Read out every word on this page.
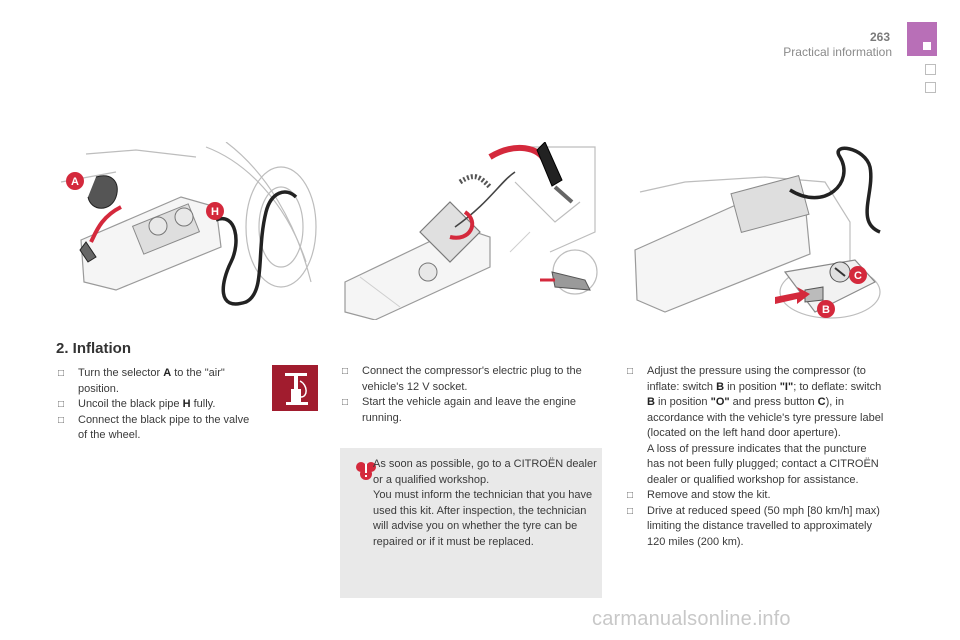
263
Practical information
A
H
C
B
2. Inflation
□ Turn the selector A to the "air" position.
□ Uncoil the black pipe H fully.
□ Connect the black pipe to the valve of the wheel.
□ Connect the compressor's electric plug to the vehicle's 12 V socket.
□ Start the vehicle again and leave the engine running.
As soon as possible, go to a CITROËN dealer or a qualified workshop.
You must inform the technician that you have used this kit. After inspection, the technician will advise you on whether the tyre can be repaired or if it must be replaced.
□ Adjust the pressure using the compressor (to inflate: switch B in position "I"; to deflate: switch B in position "O" and press button C), in accordance with the vehicle's tyre pressure label (located on the left hand door aperture).
A loss of pressure indicates that the puncture has not been fully plugged; contact a CITROËN dealer or qualified workshop for assistance.
□ Remove and stow the kit.
□ Drive at reduced speed (50 mph [80 km/h] max) limiting the distance travelled to approximately 120 miles (200 km).
carmanualsonline.info
